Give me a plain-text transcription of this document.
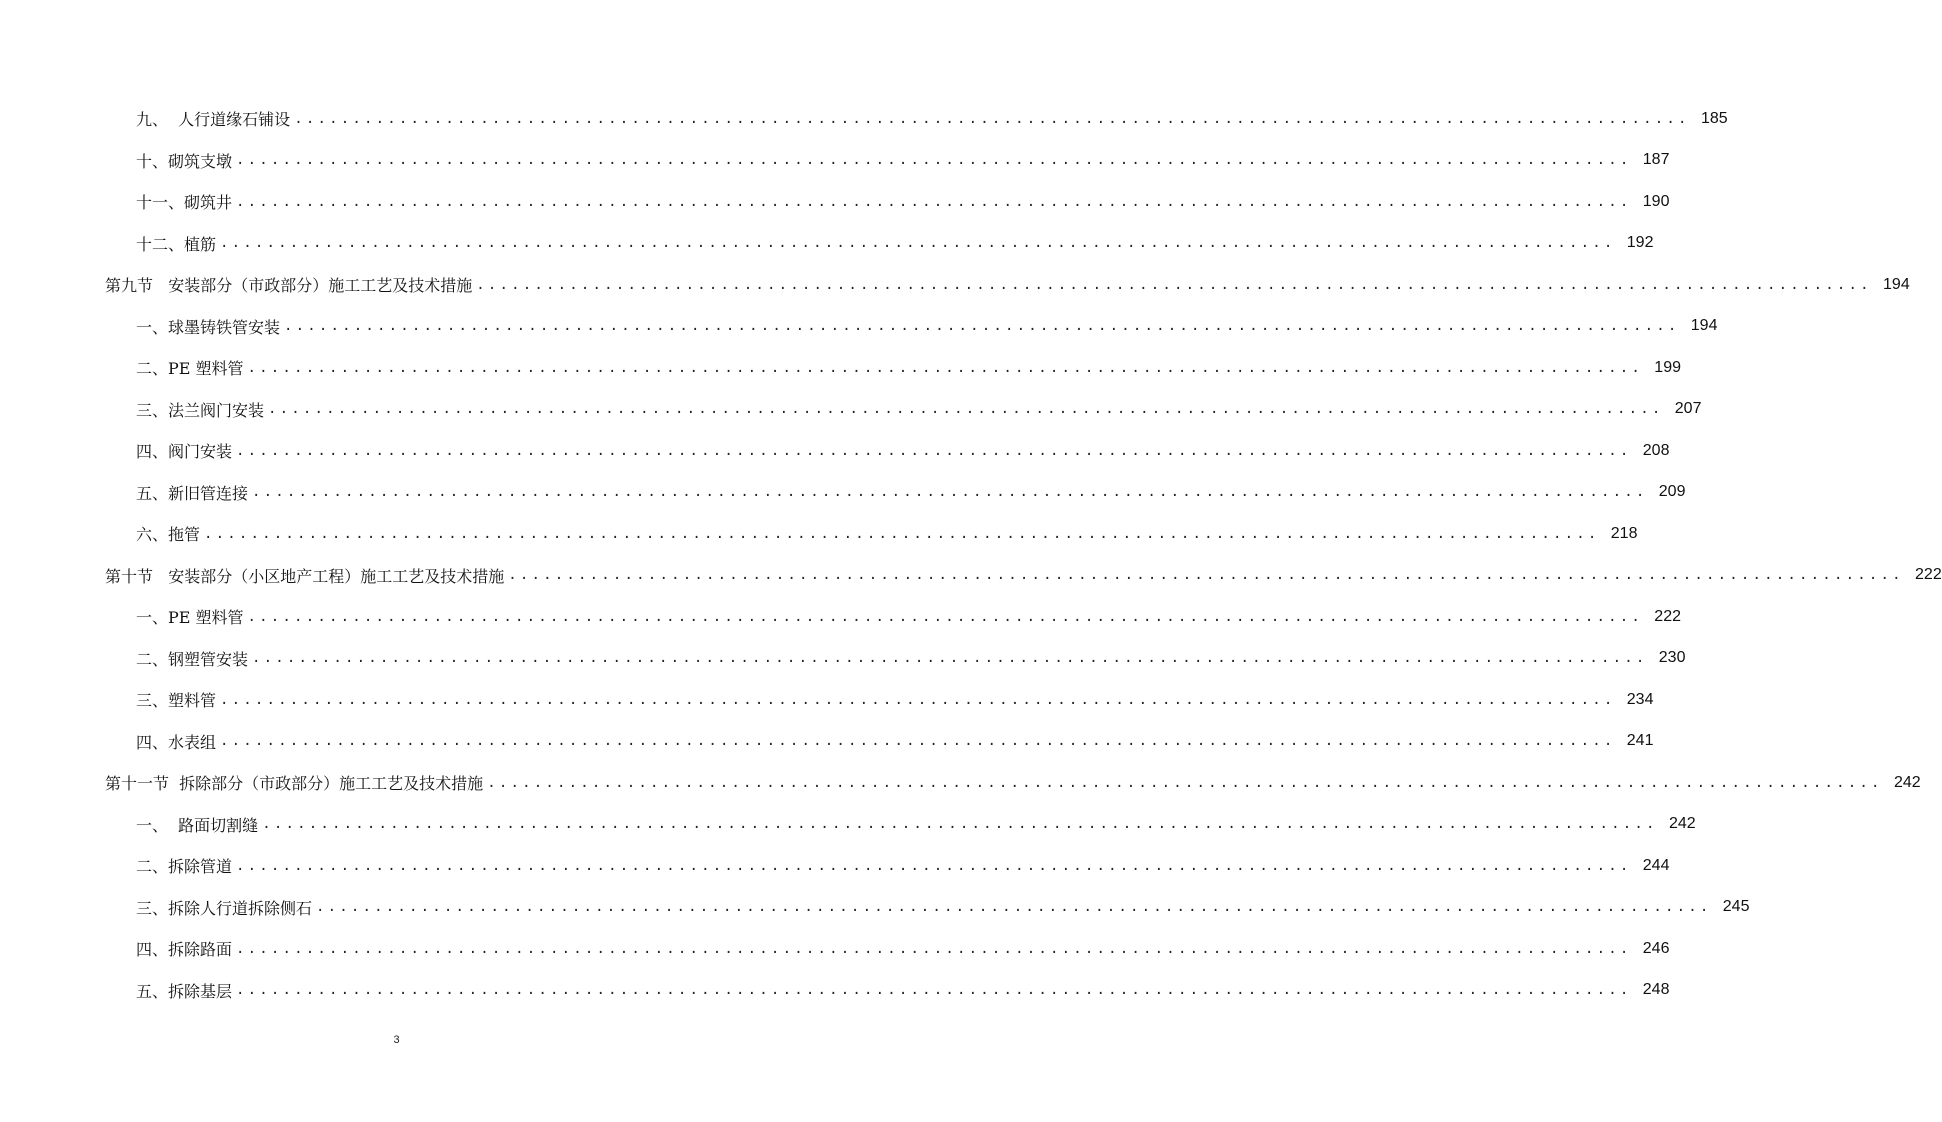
九、  人行道缘石铺设 ........................................................................................................................ 185
十、砌筑支墩 ........................................................................................................................ 187
十一、砌筑井 ........................................................................................................................ 190
十二、植筋 ........................................................................................................................ 192
第九节   安装部分（市政部分）施工工艺及技术措施 ........................................................................................................................ 194
一、球墨铸铁管安装 ........................................................................................................................ 194
二、PE 塑料管 ........................................................................................................................ 199
三、法兰阀门安装 ........................................................................................................................ 207
四、阀门安装 ........................................................................................................................ 208
五、新旧管连接 ........................................................................................................................ 209
六、拖管 ........................................................................................................................ 218
第十节   安装部分（小区地产工程）施工工艺及技术措施 ........................................................................................................................ 222
一、PE 塑料管 ........................................................................................................................ 222
二、钢塑管安装 ........................................................................................................................ 230
三、塑料管 ........................................................................................................................ 234
四、水表组 ........................................................................................................................ 241
第十一节  拆除部分（市政部分）施工工艺及技术措施 ........................................................................................................................ 242
一、  路面切割缝 ........................................................................................................................ 242
二、拆除管道 ........................................................................................................................ 244
三、拆除人行道拆除侧石 ........................................................................................................................ 245
四、拆除路面 ........................................................................................................................ 246
五、拆除基层 ........................................................................................................................ 248
3
